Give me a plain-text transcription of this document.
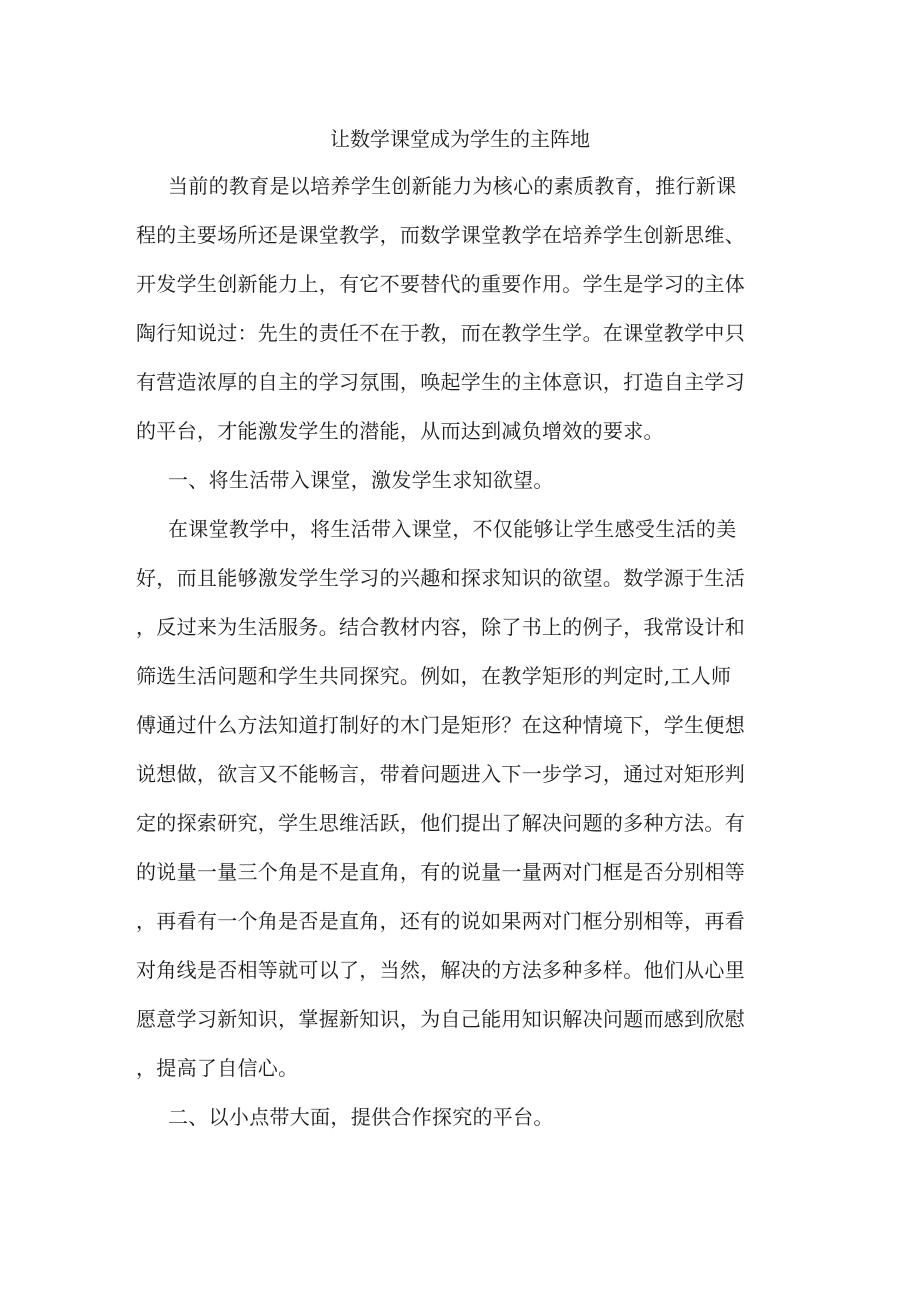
让数学课堂成为学生的主阵地
当前的教育是以培养学生创新能力为核心的素质教育，推行新课
程的主要场所还是课堂教学，而数学课堂教学在培养学生创新思维、
开发学生创新能力上，有它不要替代的重要作用。学生是学习的主体
陶行知说过：先生的责任不在于教，而在教学生学。在课堂教学中只
有营造浓厚的自主的学习氛围，唤起学生的主体意识，打造自主学习
的平台，才能激发学生的潜能，从而达到减负增效的要求。
一、将生活带入课堂，激发学生求知欲望。
在课堂教学中，将生活带入课堂，不仅能够让学生感受生活的美
好，而且能够激发学生学习的兴趣和探求知识的欲望。数学源于生活
，反过来为生活服务。结合教材内容，除了书上的例子，我常设计和
筛选生活问题和学生共同探究。例如，在教学矩形的判定时,工人师
傅通过什么方法知道打制好的木门是矩形？在这种情境下，学生便想
说想做，欲言又不能畅言，带着问题进入下一步学习，通过对矩形判
定的探索研究，学生思维活跃，他们提出了解决问题的多种方法。有
的说量一量三个角是不是直角，有的说量一量两对门框是否分别相等
，再看有一个角是否是直角，还有的说如果两对门框分别相等，再看
对角线是否相等就可以了，当然，解决的方法多种多样。他们从心里
愿意学习新知识，掌握新知识，为自己能用知识解决问题而感到欣慰
，提高了自信心。
二、以小点带大面，提供合作探究的平台。
